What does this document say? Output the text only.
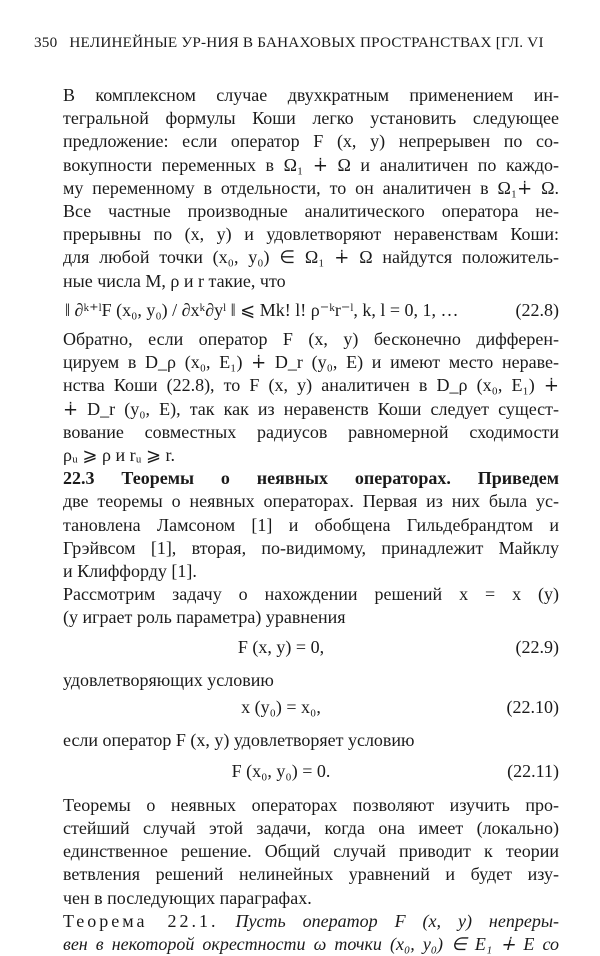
350 НЕЛИНЕЙНЫЕ УР-НИЯ В БАНАХОВЫХ ПРОСТРАНСТВАХ [ГЛ. VI
В комплексном случае двухкратным применением ин-
тегральной формулы Коши легко установить следующее
предложение: если оператор F (x, y) непрерывен по со-
вокупности переменных в Ω₁ ∔ Ω и аналитичен по каждо-
му переменному в отдельности, то он аналитичен в Ω₁∔ Ω.
Все частные производные аналитического оператора не-
прерывны по (x, y) и удовлетворяют неравенствам Коши:
для любой точки (x₀, y₀) ∈ Ω₁ ∔ Ω найдутся положитель-
ные числа M, ρ и r такие, что
‖ ∂ᵏ⁺ˡF (x₀, y₀) / ∂xᵏ∂yˡ ‖ ⩽ Mk! l! ρ⁻ᵏr⁻ˡ, k, l = 0, 1, …	(22.8)
Обратно, если оператор F (x, y) бесконечно дифферен-
цируем в D_ρ (x₀, E₁) ∔ D_r (y₀, E) и имеют место нераве-
нства Коши (22.8), то F (x, y) аналитичен в D_ρ (x₀, E₁) ∔
∔ D_r (y₀, E), так как из неравенств Коши следует сущест-
вование совместных радиусов равномерной сходимости
ρᵤ ⩾ ρ и rᵤ ⩾ r.
22.3 Теоремы о неявных операторах. Приведем
две теоремы о неявных операторах. Первая из них была ус-
тановлена Ламсоном [1] и обобщена Гильдебрандтом и
Грэйвсом [1], вторая, по-видимому, принадлежит Майклу
и Клиффорду [1].
Рассмотрим задачу о нахождении решений x = x (y)
(y играет роль параметра) уравнения
F (x, y) = 0,	(22.9)
удовлетворяющих условию
x (y₀) = x₀,	(22.10)
если оператор F (x, y) удовлетворяет условию
F (x₀, y₀) = 0.	(22.11)
Теоремы о неявных операторах позволяют изучить про-
стейший случай этой задачи, когда она имеет (локально)
единственное решение. Общий случай приводит к теории
ветвления решений нелинейных уравнений и будет изу-
чен в последующих параграфах.
Теорема 22.1. Пусть оператор F (x, y) непреры-
вен в некоторой окрестности ω точки (x₀, y₀) ∈ E₁ ∔ E со
